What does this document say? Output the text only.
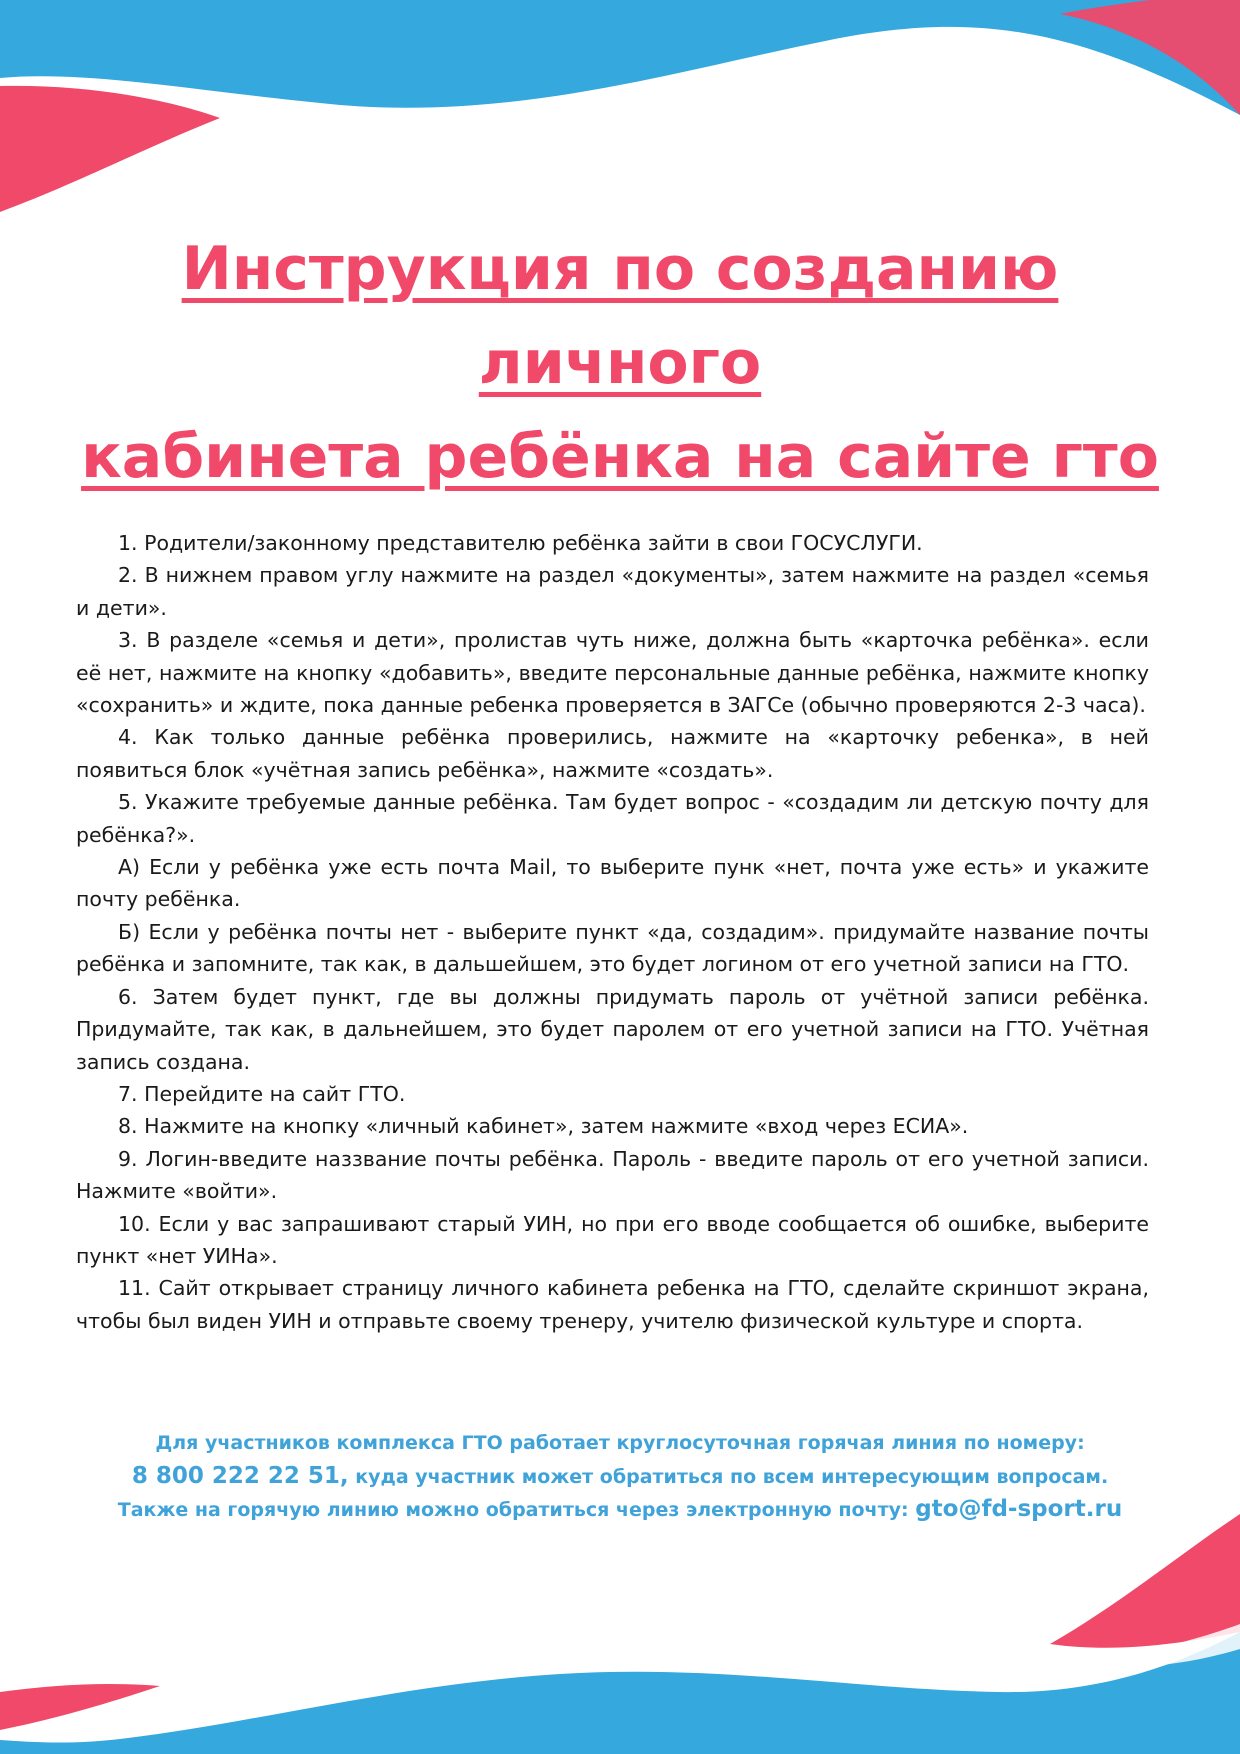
Инструкция по созданию личного
кабинета ребёнка на сайте гто
1. Родители/законному представителю ребёнка зайти в свои ГОСУСЛУГИ.
2. В нижнем правом углу нажмите на раздел «документы», затем нажмите на раздел «семья и дети».
3. В разделе «семья и дети», пролистав чуть ниже, должна быть «карточка ребёнка». если её нет, нажмите на кнопку «добавить», введите персональные данные ребёнка, нажмите кнопку «сохранить» и ждите, пока данные ребенка проверяется в ЗАГСе (обычно проверяются 2-3 часа).
4. Как только данные ребёнка проверились, нажмите на «карточку ребенка», в ней появиться блок «учётная запись ребёнка», нажмите «создать».
5. Укажите требуемые данные ребёнка. Там будет вопрос - «создадим ли детскую почту для ребёнка?».
А) Если у ребёнка уже есть почта Mail, то выберите пунк «нет, почта уже есть» и укажите почту ребёнка.
Б) Если у ребёнка почты нет - выберите пункт «да, создадим». придумайте название почты ребёнка и запомните, так как, в дальшейшем, это будет логином от его учетной записи на ГТО.
6. Затем будет пункт, где вы должны придумать пароль от учётной записи ребёнка. Придумайте, так как, в дальнейшем, это будет паролем от его учетной записи на ГТО. Учётная запись создана.
7. Перейдите на сайт ГТО.
8. Нажмите на кнопку «личный кабинет», затем нажмите «вход через ЕСИА».
9. Логин-введите наззвание почты ребёнка. Пароль - введите пароль от его учетной записи. Нажмите «войти».
10. Если у вас запрашивают старый УИН, но при его вводе сообщается об ошибке, выберите пункт «нет УИНа».
11. Сайт открывает страницу личного кабинета ребенка на ГТО, сделайте скриншот экрана, чтобы был виден УИН и отправьте своему тренеру, учителю физической культуре и спорта.
Для участников комплекса ГТО работает круглосуточная горячая линия по номеру:
8 800 222 22 51, куда участник может обратиться по всем интересующим вопросам.
Также на горячую линию можно обратиться через электронную почту: gto@fd-sport.ru
